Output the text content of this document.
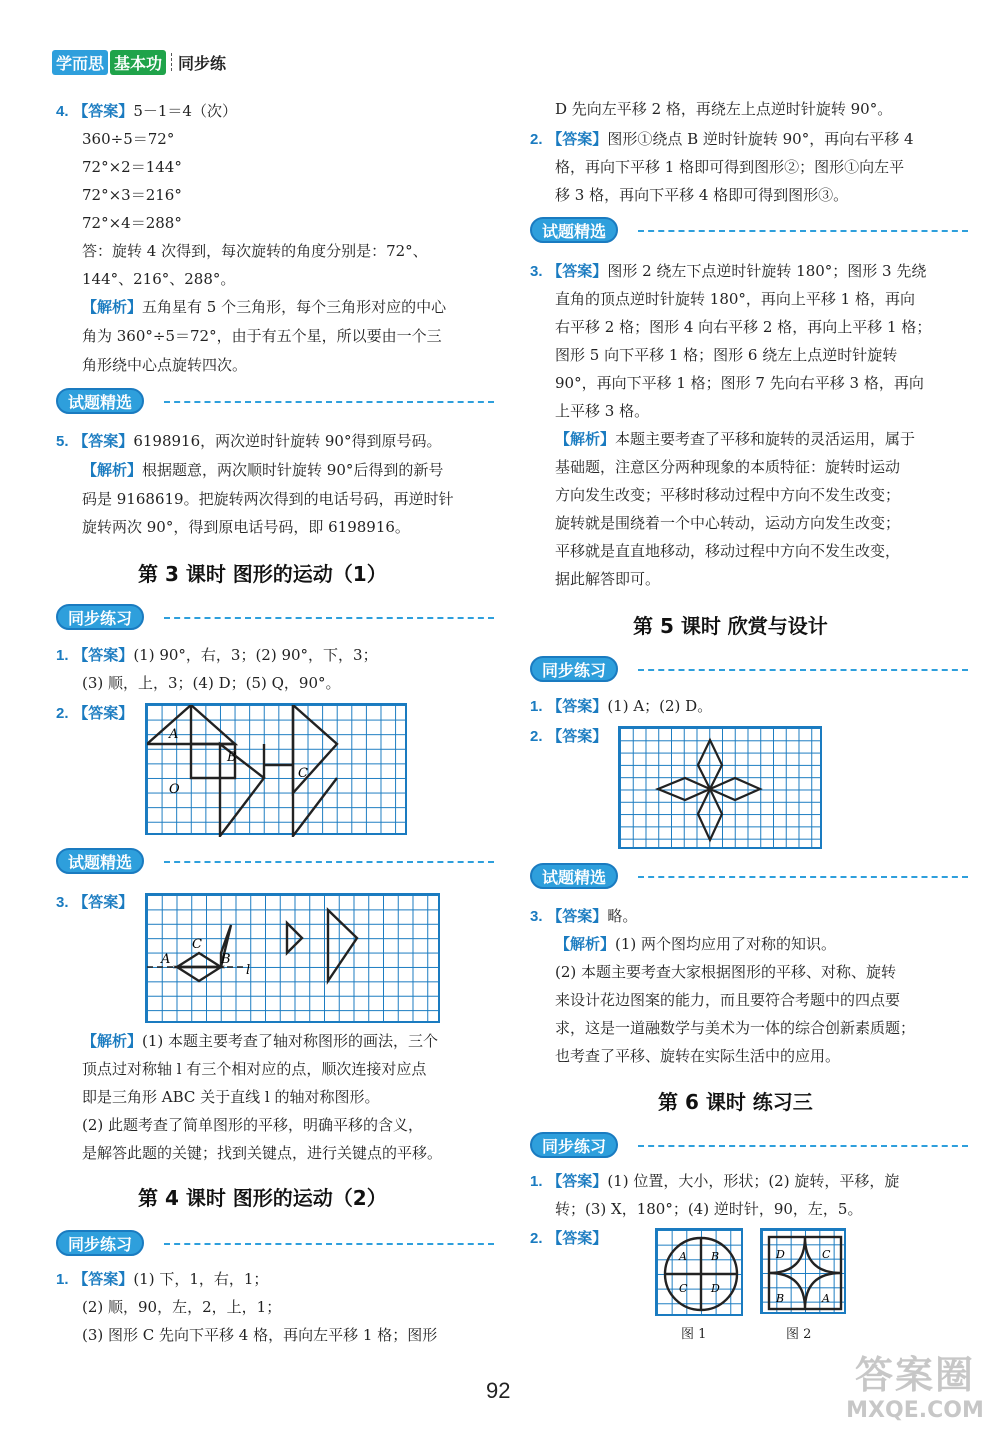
学而思 基本功 同步练
4. 【答案】5－1＝4（次）
360÷5＝72°
72°×2＝144°
72°×3＝216°
72°×4＝288°
答：旋转 4 次得到，每次旋转的角度分别是：72°、
144°、216°、288°。
【解析】五角星有 5 个三角形，每个三角形对应的中心
角为 360°÷5＝72°，由于有五个星，所以要由一个三
角形绕中心点旋转四次。
试题精选
5. 【答案】6198916，两次逆时针旋转 90°得到原号码。
【解析】根据题意，两次顺时针旋转 90°后得到的新号
码是 9168619。把旋转两次得到的电话号码，再逆时针
旋转两次 90°，得到原电话号码，即 6198916。
第 3 课时 图形的运动（1）
同步练习
1. 【答案】(1) 90°，右，3；(2) 90°，下，3；
(3) 顺，上，3；(4) D；(5) Q，90°。
2. 【答案】
A
B
C
O
试题精选
3. 【答案】
A
C
B
l
【解析】(1) 本题主要考查了轴对称图形的画法，三个
顶点过对称轴 l 有三个相对应的点，顺次连接对应点
即是三角形 ABC 关于直线 l 的轴对称图形。
(2) 此题考查了简单图形的平移，明确平移的含义，
是解答此题的关键；找到关键点，进行关键点的平移。
第 4 课时 图形的运动（2）
同步练习
1. 【答案】(1) 下，1，右，1；
(2) 顺，90，左，2，上，1；
(3) 图形 C 先向下平移 4 格，再向左平移 1 格；图形
D 先向左平移 2 格，再绕左上点逆时针旋转 90°。
2. 【答案】图形①绕点 B 逆时针旋转 90°，再向右平移 4
格，再向下平移 1 格即可得到图形②；图形①向左平
移 3 格，再向下平移 4 格即可得到图形③。
试题精选
3. 【答案】图形 2 绕左下点逆时针旋转 180°；图形 3 先绕
直角的顶点逆时针旋转 180°，再向上平移 1 格，再向
右平移 2 格；图形 4 向右平移 2 格，再向上平移 1 格；
图形 5 向下平移 1 格；图形 6 绕左上点逆时针旋转
90°，再向下平移 1 格；图形 7 先向右平移 3 格，再向
上平移 3 格。
【解析】本题主要考查了平移和旋转的灵活运用，属于
基础题，注意区分两种现象的本质特征：旋转时运动
方向发生改变；平移时移动过程中方向不发生改变；
旋转就是围绕着一个中心转动，运动方向发生改变；
平移就是直直地移动，移动过程中方向不发生改变，
据此解答即可。
第 5 课时 欣赏与设计
同步练习
1. 【答案】(1) A；(2) D。
2. 【答案】
试题精选
3. 【答案】略。
【解析】(1) 两个图均应用了对称的知识。
(2) 本题主要考查大家根据图形的平移、对称、旋转
来设计花边图案的能力，而且要符合考题中的四点要
求，这是一道融数学与美术为一体的综合创新素质题；
也考查了平移、旋转在实际生活中的应用。
第 6 课时 练习三
同步练习
1. 【答案】(1) 位置，大小，形状；(2) 旋转，平移，旋
转；(3) X，180°；(4) 逆时针，90，左，5。
2. 【答案】
A B
C D
图 1
D	C
B	A
图 2
92	答案圈
MXQE.COM
